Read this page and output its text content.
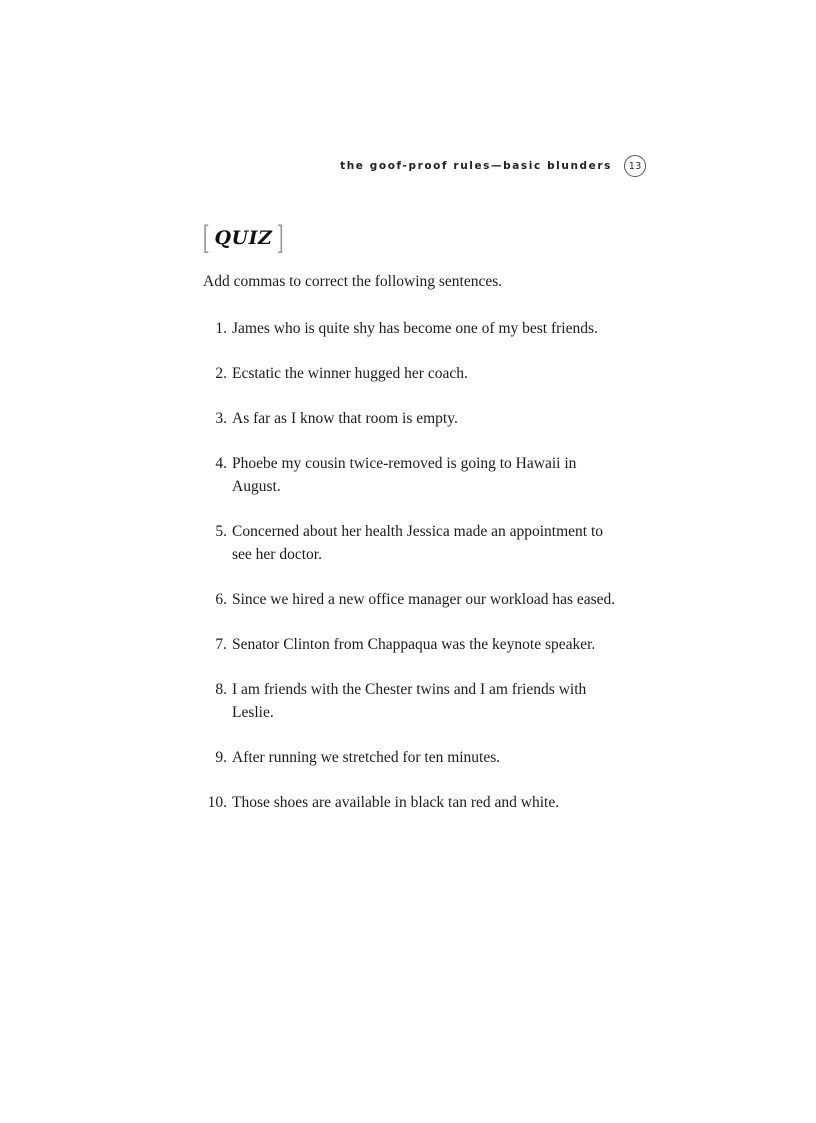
the goof-proof rules—basic blunders	13
[ QUIZ ]

Add commas to correct the following sentences.

1. James who is quite shy has become one of my best friends.
2. Ecstatic the winner hugged her coach.
3. As far as I know that room is empty.
4. Phoebe my cousin twice-removed is going to Hawaii in August.
5. Concerned about her health Jessica made an appointment to see her doctor.
6. Since we hired a new office manager our workload has eased.
7. Senator Clinton from Chappaqua was the keynote speaker.
8. I am friends with the Chester twins and I am friends with Leslie.
9. After running we stretched for ten minutes.
10. Those shoes are available in black tan red and white.
